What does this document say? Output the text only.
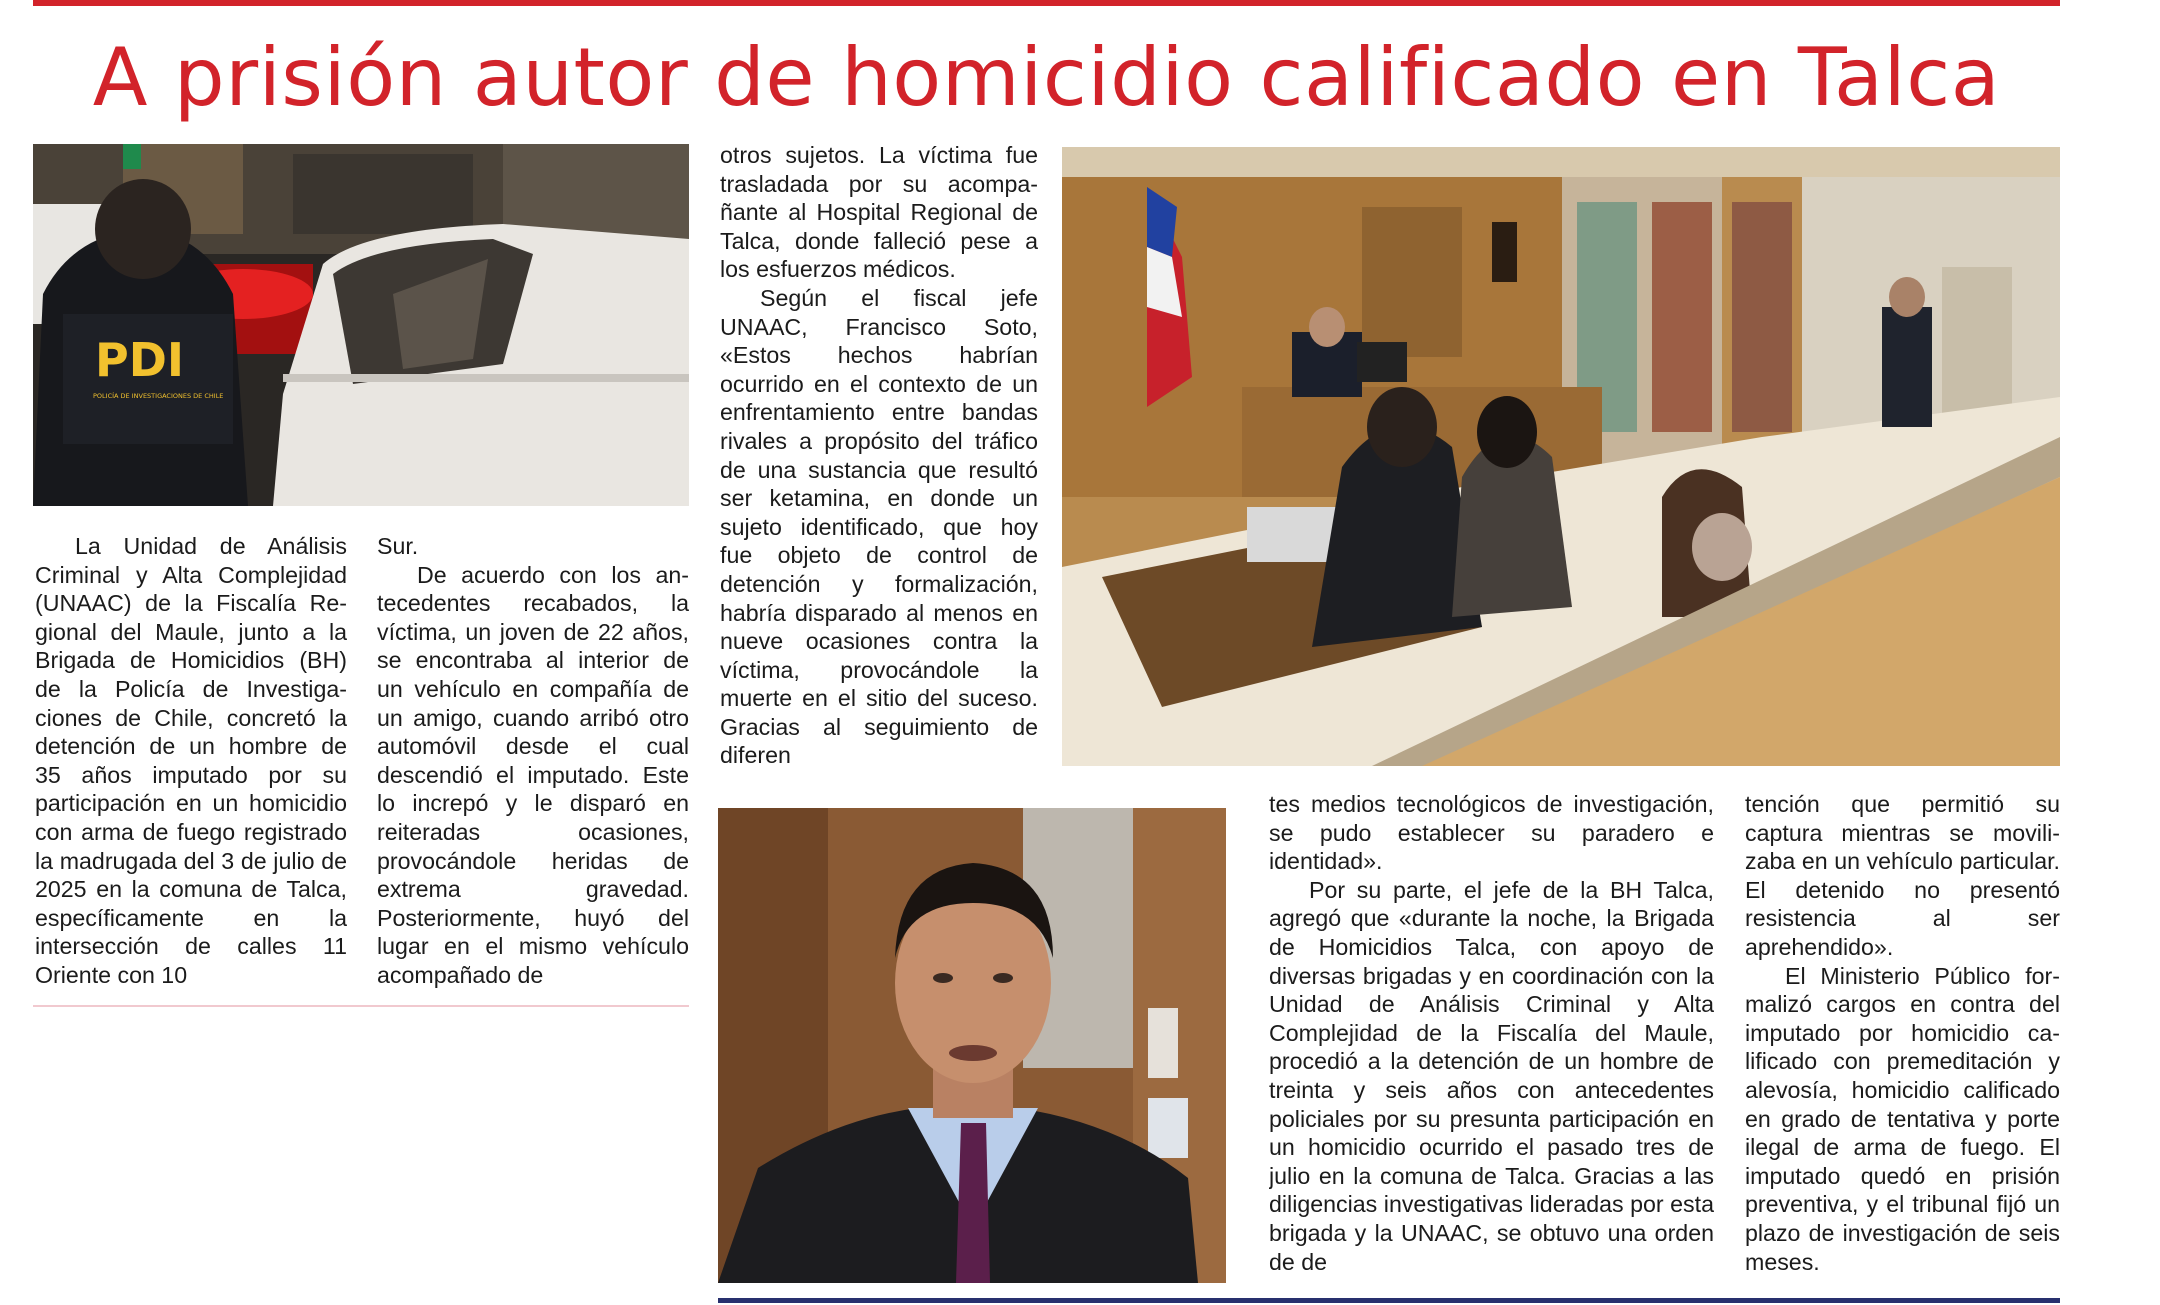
A prisión autor de homicidio calificado en Talca
PDI
POLICÍA DE INVESTIGACIONES DE CHILE

La Unidad de Análisis Criminal y Alta Complejidad (UNAAC) de la Fiscalía Regional del Maule, junto a la Brigada de Homicidios (BH) de la Policía de Investigaciones de Chile, concretó la detención de un hombre de 35 años imputado por su participación en un homicidio con arma de fuego registrado la madrugada del 3 de julio de 2025 en la comuna de Talca, específicamente en la intersección de calles 11 Oriente con 10

Sur.

De acuerdo con los antecedentes recabados, la víctima, un joven de 22 años, se encontraba al interior de un vehículo en compañía de un amigo, cuando arribó otro automóvil desde el cual descendió el imputado. Este lo increpó y le disparó en reiteradas ocasiones, provocándole heridas de extrema gravedad. Posteriormente, huyó del lugar en el mismo vehículo acompañado de

otros sujetos. La víctima fue trasladada por su acompañante al Hospital Regional de Talca, donde falleció pese a los esfuerzos médicos.

Según el fiscal jefe UNAAC, Francisco Soto, «Estos hechos habrían ocurrido en el contexto de un enfrentamiento entre bandas rivales a propósito del tráfico de una sustancia que resultó ser ketamina, en donde un sujeto identificado, que hoy fue objeto de control de detención y formalización, habría disparado al menos en nueve ocasiones contra la víctima, provocándole la muerte en el sitio del suceso. Gracias al seguimiento de diferen

tes medios tecnológicos de investigación, se pudo establecer su paradero e identidad».

Por su parte, el jefe de la BH Talca, agregó que «durante la noche, la Brigada de Homicidios Talca, con apoyo de diversas brigadas y en coordinación con la Unidad de Análisis Criminal y Alta Complejidad de la Fiscalía del Maule, procedió a la detención de un hombre de treinta y seis años con antecedentes policiales por su presunta participación en un homicidio ocurrido el pasado tres de julio en la comuna de Talca. Gracias a las diligencias investigativas lideradas por esta brigada y la UNAAC, se obtuvo una orden de de

tención que permitió su captura mientras se movilizaba en un vehículo particular. El detenido no presentó resistencia al ser aprehendido».

El Ministerio Público formalizó cargos en contra del imputado por homicidio calificado con premeditación y alevosía, homicidio calificado en grado de tentativa y porte ilegal de arma de fuego. El imputado quedó en prisión preventiva, y el tribunal fijó un plazo de investigación de seis meses.
